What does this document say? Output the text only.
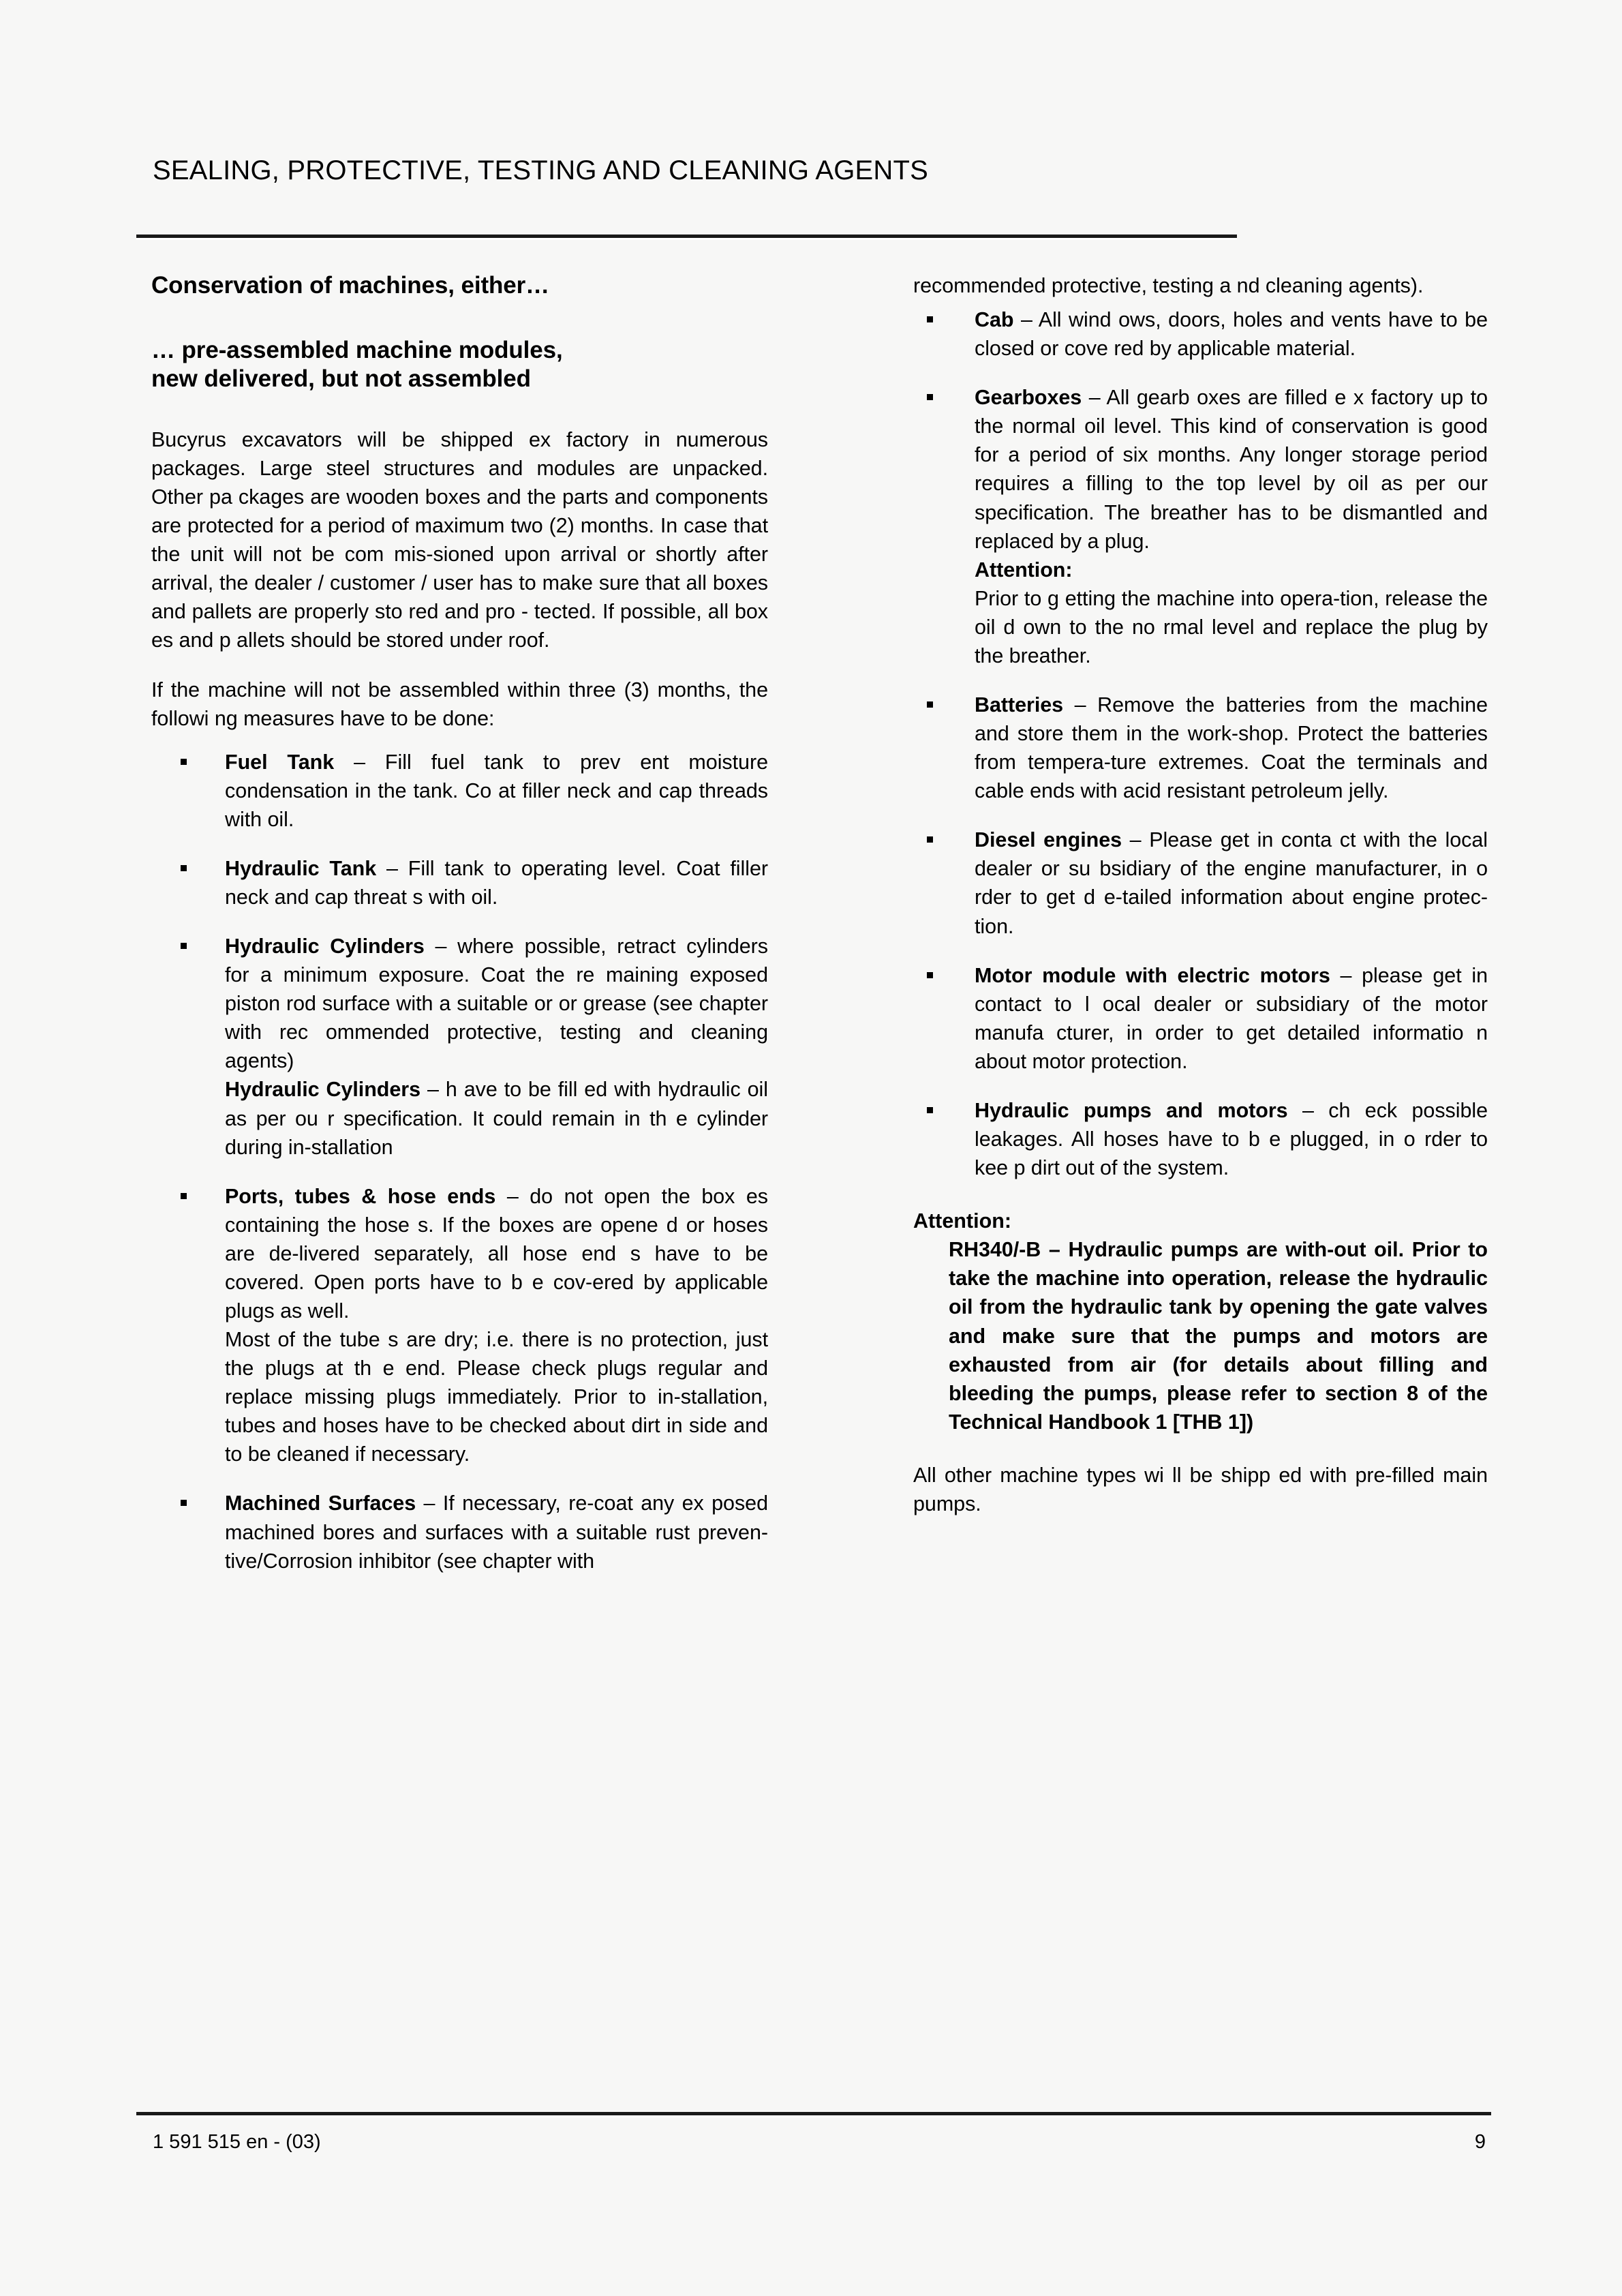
SEALING, PROTECTIVE, TESTING AND CLEANING AGENTS
Conservation of machines, either…
… pre-assembled machine modules,
new delivered, but not assembled

Bucyrus excavators will be shipped ex factory in numerous packages. Large steel structures and modules are unpacked. Other pa ckages are wooden boxes and the parts and components are protected for a period of maximum two (2) months. In case that the unit will not be com mis-sioned upon arrival or shortly after arrival, the dealer / customer / user has to make sure that all boxes and pallets are properly sto red and pro - tected. If possible, all box es and p allets should be stored under roof.

If the machine will not be assembled within three (3) months, the followi ng measures have to be done:

Fuel Tank – Fill fuel tank to prev ent moisture condensation in the tank. Co at filler neck and cap threads with oil.
Hydraulic Tank – Fill tank to operating level. Coat filler neck and cap threat s with oil.
Hydraulic Cylinders – where possible, retract cylinders for a minimum exposure. Coat the re maining exposed piston rod surface with a suitable or or grease (see chapter with rec ommended protective, testing and cleaning agents)
Hydraulic Cylinders – h ave to be fill ed with hydraulic oil as per ou r specification. It could remain in th e cylinder during in-stallation
Ports, tubes & hose ends – do not open the box es containing the hose s. If the boxes are opene d or hoses are de-livered separately, all hose end s have to be covered. Open ports have to b e cov-ered by applicable plugs as well.
Most of the tube s are dry; i.e. there is no protection, just the plugs at th e end. Please check plugs regular and replace missing plugs immediately. Prior to in-stallation, tubes and hoses have to be checked about dirt in side and to be cleaned if necessary.
Machined Surfaces – If necessary, re-coat any ex posed machined bores and surfaces with a suitable rust preven-tive/Corrosion inhibitor (see chapter with

recommended protective, testing a nd cleaning agents).

Cab – All wind ows, doors, holes and vents have to be closed or cove red by applicable material.
Gearboxes – All gearb oxes are filled e x factory up to the normal oil level. This kind of conservation is good for a period of six months. Any longer storage period requires a filling to the top level by oil as per our specification. The breather has to be dismantled and replaced by a plug.
Attention:
Prior to g etting the machine into opera-tion, release the oil d own to the no rmal level and replace the plug by the breather.
Batteries – Remove the batteries from the machine and store them in the work-shop. Protect the batteries from tempera-ture extremes. Coat the terminals and cable ends with acid resistant petroleum jelly.
Diesel engines – Please get in conta ct with the local dealer or su bsidiary of the engine manufacturer, in o rder to get d e-tailed information about engine protec-tion.
Motor module with electric motors – please get in contact to l ocal dealer or subsidiary of the motor manufa cturer, in order to get detailed informatio n about motor protection.
Hydraulic pumps and motors – ch eck possible leakages. All hoses have to b e plugged, in o rder to kee p dirt out of the system.

Attention:

RH340/-B – Hydraulic pumps are with-out oil. Prior to take the machine into operation, release the hydraulic oil from the hydraulic tank by opening the gate valves and make sure that the pumps and motors are exhausted from air (for details about filling and bleeding the pumps, please refer to section 8 of the Technical Handbook 1 [THB 1])

All other machine types wi ll be shipp ed with pre-filled main pumps.

1 591 515 en - (03)	9
